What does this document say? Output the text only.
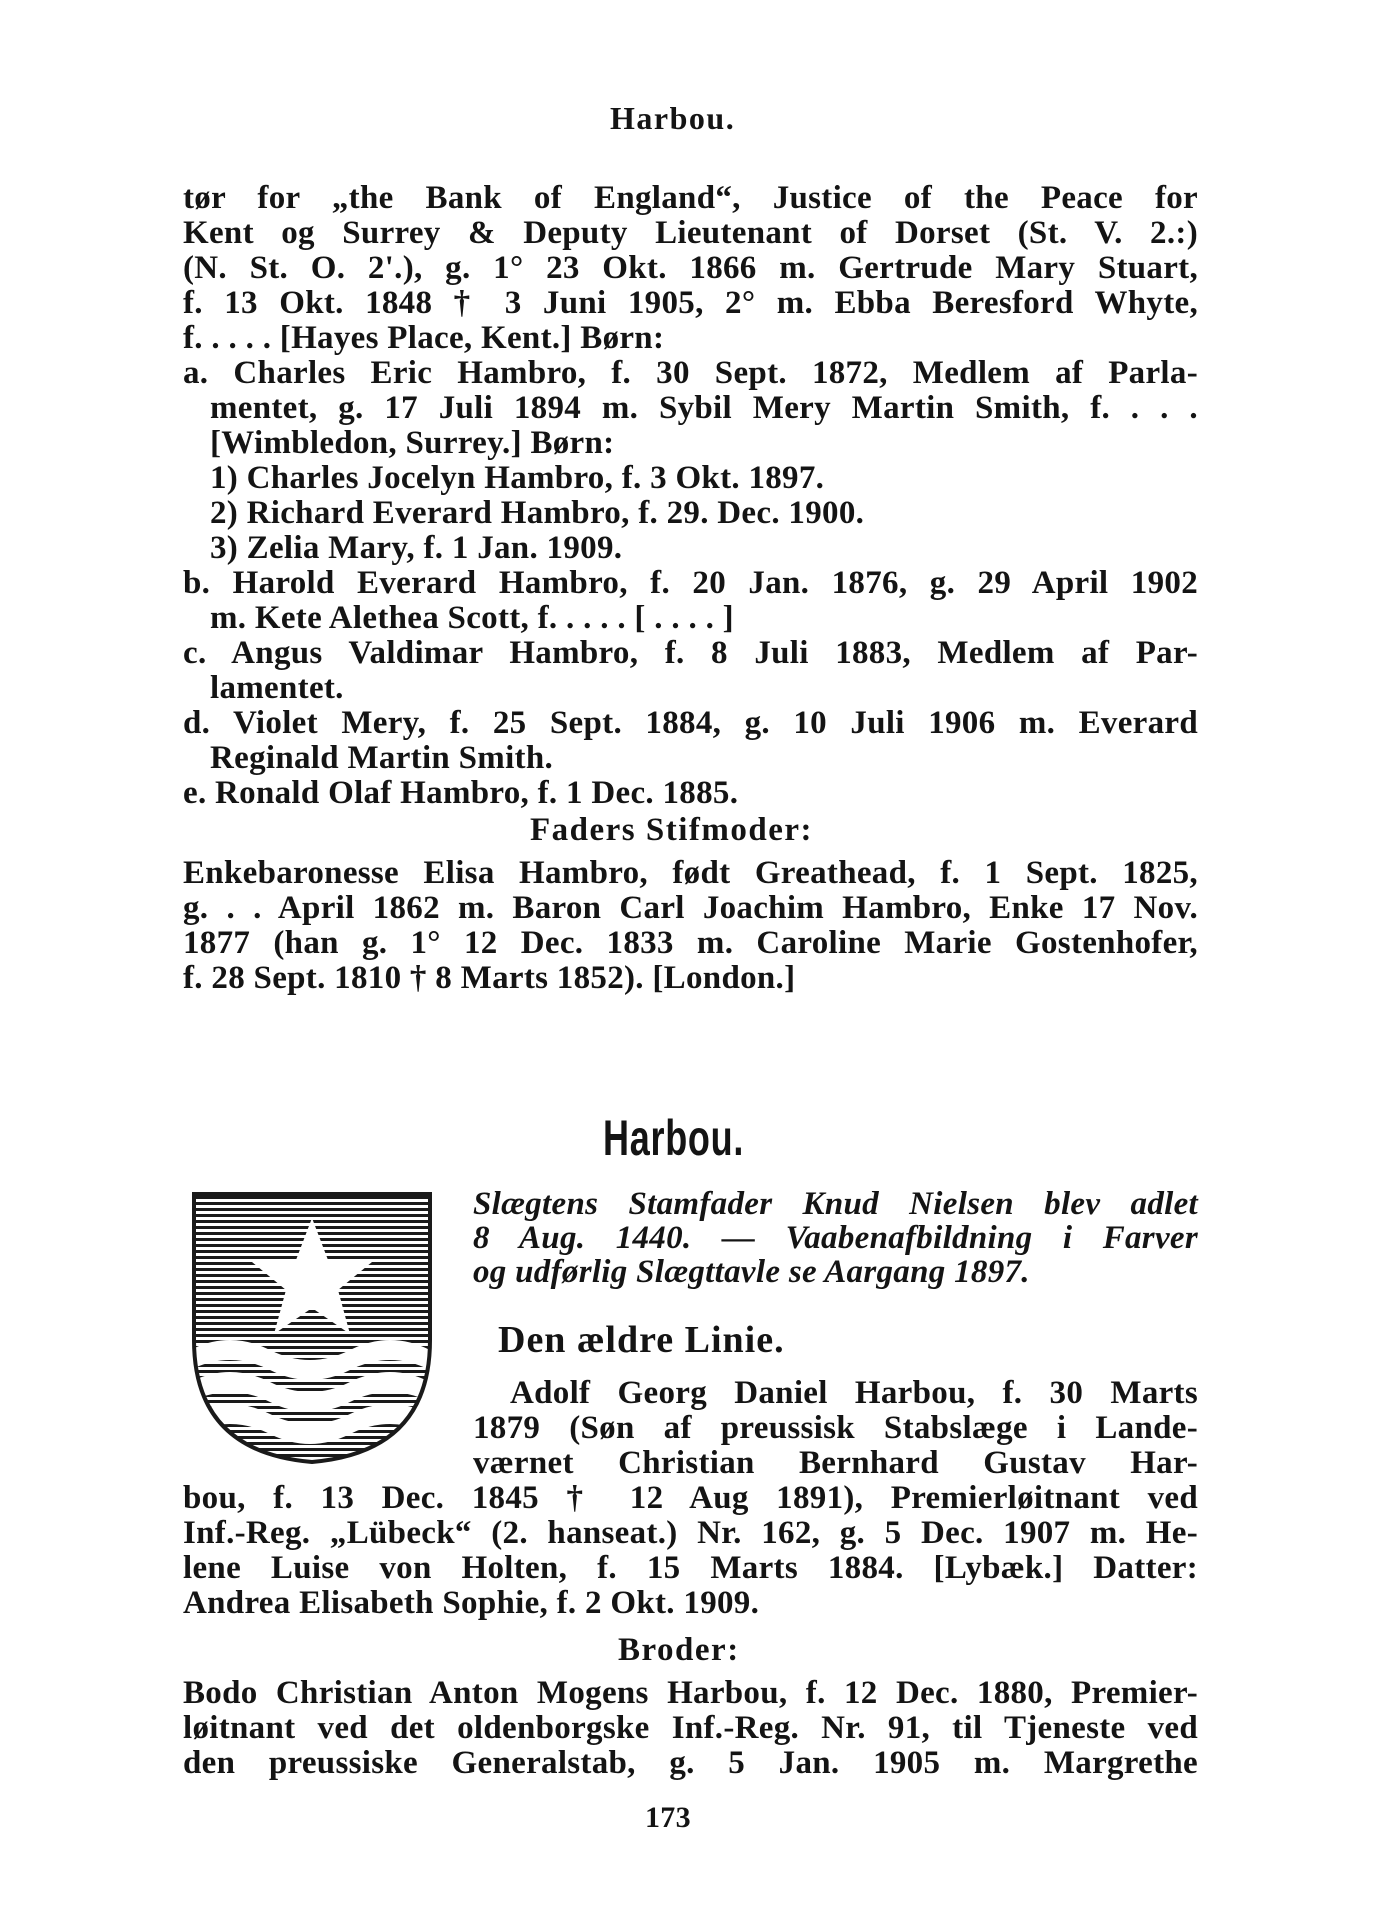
Harbou.
tør for „the Bank of England“, Justice of the Peace for
Kent og Surrey & Deputy Lieutenant of Dorset (St. V. 2.:)
(N. St. O. 2'.), g. 1° 23 Okt. 1866 m. Gertrude Mary Stuart,
f. 13 Okt. 1848 † 3 Juni 1905, 2° m. Ebba Beresford Whyte,
f. . . . . [Hayes Place, Kent.] Børn:
a. Charles Eric Hambro, f. 30 Sept. 1872, Medlem af Parla-
mentet, g. 17 Juli 1894 m. Sybil Mery Martin Smith, f. . . .
[Wimbledon, Surrey.] Børn:
1) Charles Jocelyn Hambro, f. 3 Okt. 1897.
2) Richard Everard Hambro, f. 29. Dec. 1900.
3) Zelia Mary, f. 1 Jan. 1909.
b. Harold Everard Hambro, f. 20 Jan. 1876, g. 29 April 1902
m. Kete Alethea Scott, f. . . . . [ . . . . ]
c. Angus Valdimar Hambro, f. 8 Juli 1883, Medlem af Par-
lamentet.
d. Violet Mery, f. 25 Sept. 1884, g. 10 Juli 1906 m. Everard
Reginald Martin Smith.
e. Ronald Olaf Hambro, f. 1 Dec. 1885.
Faders Stifmoder:
Enkebaronesse Elisa Hambro, født Greathead, f. 1 Sept. 1825,
g. . . April 1862 m. Baron Carl Joachim Hambro, Enke 17 Nov.
1877 (han g. 1° 12 Dec. 1833 m. Caroline Marie Gostenhofer,
f. 28 Sept. 1810 † 8 Marts 1852). [London.]
Harbou.
Slægtens Stamfader Knud Nielsen blev adlet
8 Aug. 1440. — Vaabenafbildning i Farver
og udførlig Slægttavle se Aargang 1897.
Den ældre Linie.
Adolf Georg Daniel Harbou, f. 30 Marts
1879 (Søn af preussisk Stabslæge i Lande-
værnet Christian Bernhard Gustav Har-
bou, f. 13 Dec. 1845 † 12 Aug 1891), Premierløitnant ved
Inf.-Reg. „Lübeck“ (2. hanseat.) Nr. 162, g. 5 Dec. 1907 m. He-
lene Luise von Holten, f. 15 Marts 1884. [Lybæk.] Datter:
Andrea Elisabeth Sophie, f. 2 Okt. 1909.
Broder:
Bodo Christian Anton Mogens Harbou, f. 12 Dec. 1880, Premier-
løitnant ved det oldenborgske Inf.-Reg. Nr. 91, til Tjeneste ved
den preussiske Generalstab, g. 5 Jan. 1905 m. Margrethe
173
